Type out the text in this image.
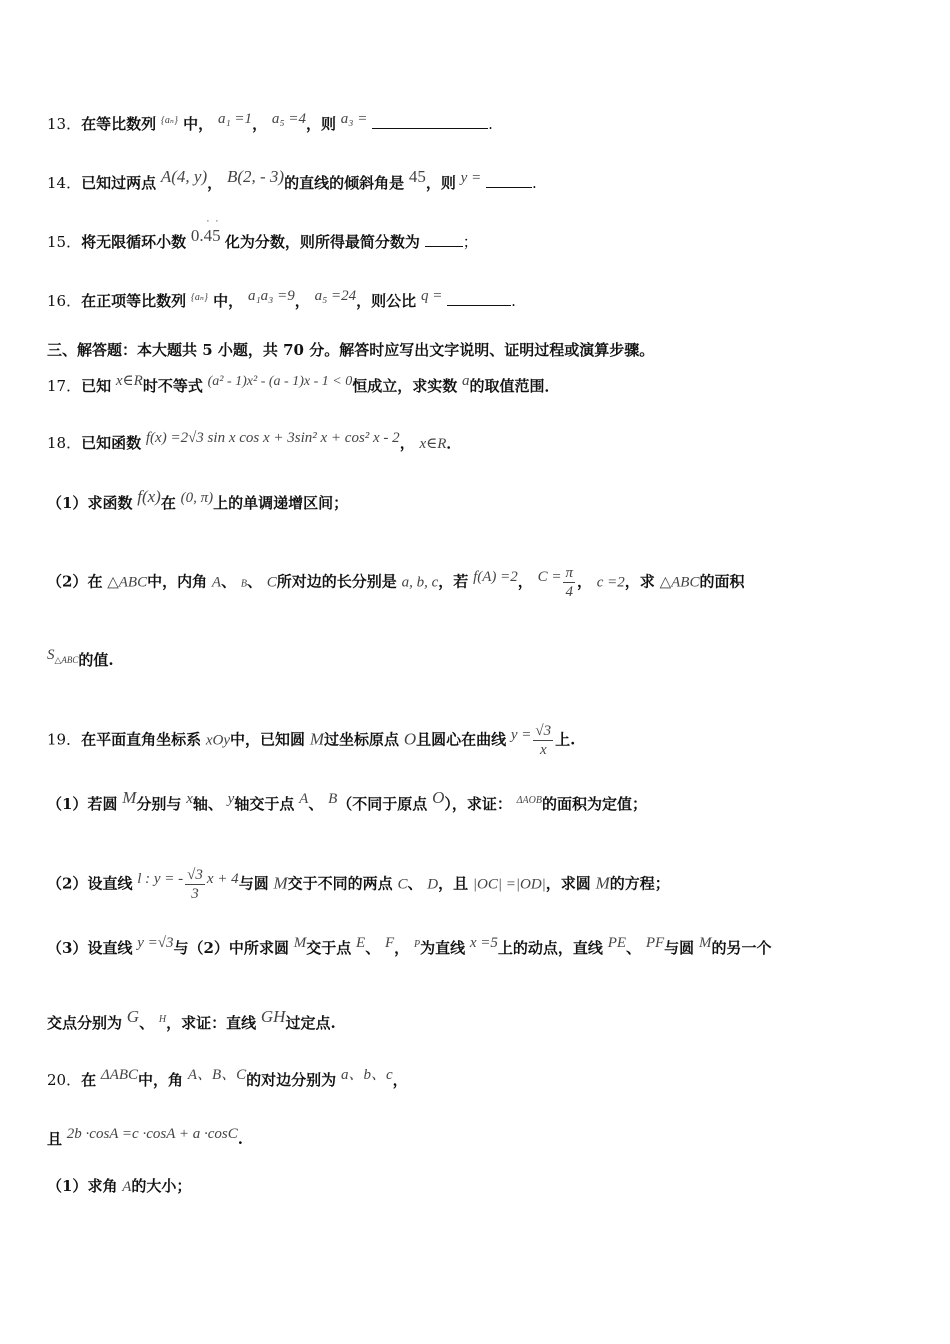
13．在等比数列 $^{\{a_n\}}$ 中， a₁ =1， a₅ =4，则 a₃ =	.
14．已知过两点 A(4, y)， B(2, - 3)的直线的倾斜角是 45，则 y =	.
15．将无限循环小数 0.45
˙˙
化为分数，则所得最简分数为	；
16．在正项等比数列 $^{\{a_n\}}$ 中， a₁a₃ =9， a₅ =24，则公比 q =	.
三、解答题：本大题共 5 小题，共 70 分。解答时应写出文字说明、证明过程或演算步骤。
17．已知 x∈R时不等式 (a² - 1)x² - (a - 1)x - 1 < 0恒成立，求实数 a的取值范围．
18．已知函数 f(x) =2√3 sin x cos x + 3sin² x + cos² x - 2， x∈R．
（1）求函数 f(x)在 (0, π)上的单调递增区间；
（2）在 △ABC中，内角 A、 B、 C所对边的长分别是 a, b, c，若 f(A) =2， $C = \frac{\pi}{4}$ ， c =2，求 △ABC的面积
$S_{\triangle ABC}$的值.
19．在平面直角坐标系 xOy中，已知圆 M过坐标原点 O且圆心在曲线 $y = \frac{√3}{x}$ 上.
（1）若圆 M分别与 x轴、 y轴交于点 A、 B（不同于原点 O），求证： $^{\Delta AOB}$的面积为定值；
（2）设直线 l : y = - $\frac{√3}{3}$ x + 4与圆 M交于不同的两点 C、 D，且 |OC| =|OD|，求圆 M的方程；
（3）设直线 y =√3与（2）中所求圆 M交于点 E、 F， $^P$为直线 x =5上的动点，直线 PE、 PF与圆 M的另一个
交点分别为 G、 $^H$，求证：直线 GH过定点.
20．在 ΔABC中，角 A、B、C的对边分别为 a、b、c，
且 2b ·cosA =c ·cosA + a ·cosC.
（1）求角 A的大小；
